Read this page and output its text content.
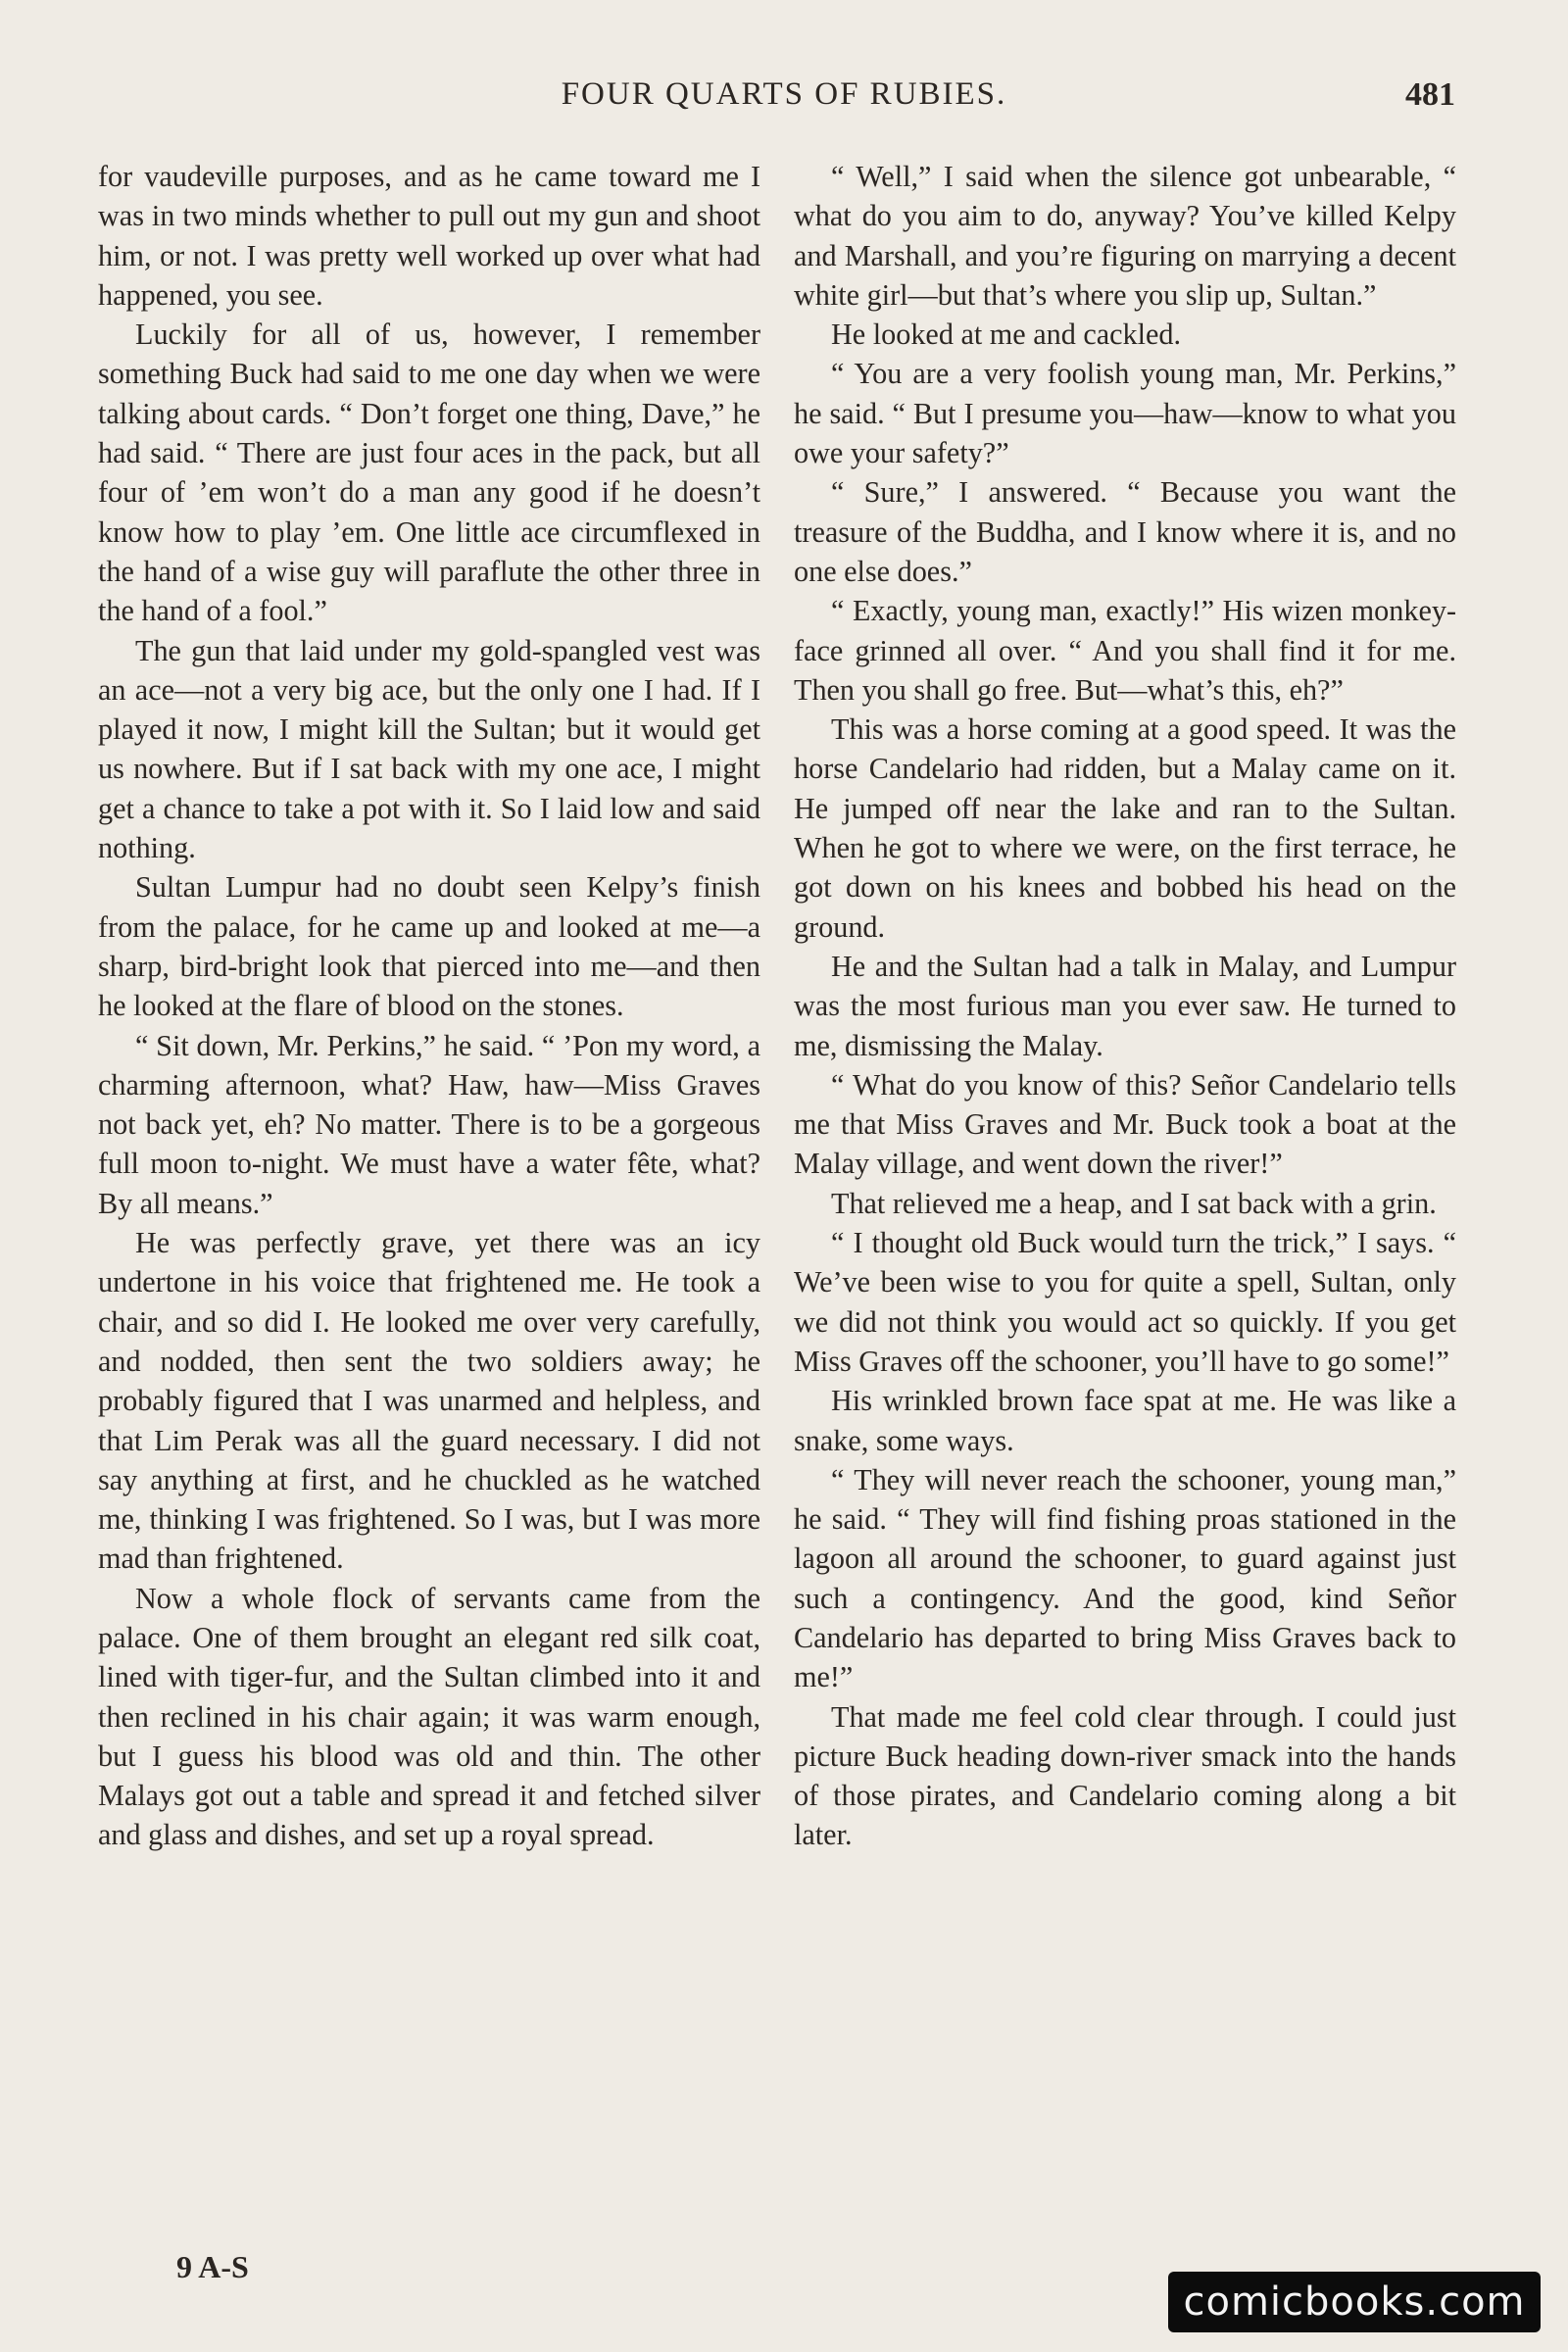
FOUR QUARTS OF RUBIES.	481

for vaudeville purposes, and as he came toward me I was in two minds whether to pull out my gun and shoot him, or not. I was pretty well worked up over what had happened, you see.

Luckily for all of us, however, I remember something Buck had said to me one day when we were talking about cards. “ Don’t forget one thing, Dave,” he had said. “ There are just four aces in the pack, but all four of ’em won’t do a man any good if he doesn’t know how to play ’em. One little ace circumflexed in the hand of a wise guy will paraflute the other three in the hand of a fool.”

The gun that laid under my gold-spangled vest was an ace—not a very big ace, but the only one I had. If I played it now, I might kill the Sultan; but it would get us nowhere. But if I sat back with my one ace, I might get a chance to take a pot with it. So I laid low and said nothing.

Sultan Lumpur had no doubt seen Kelpy’s finish from the palace, for he came up and looked at me—a sharp, bird-bright look that pierced into me—and then he looked at the flare of blood on the stones.

“ Sit down, Mr. Perkins,” he said. “ ’Pon my word, a charming afternoon, what? Haw, haw—Miss Graves not back yet, eh? No matter. There is to be a gorgeous full moon to-night. We must have a water fête, what? By all means.”

He was perfectly grave, yet there was an icy undertone in his voice that frightened me. He took a chair, and so did I. He looked me over very carefully, and nodded, then sent the two soldiers away; he probably figured that I was unarmed and helpless, and that Lim Perak was all the guard necessary. I did not say anything at first, and he chuckled as he watched me, thinking I was frightened. So I was, but I was more mad than frightened.

Now a whole flock of servants came from the palace. One of them brought an elegant red silk coat, lined with tiger-fur, and the Sultan climbed into it and then reclined in his chair again; it was warm enough, but I guess his blood was old and thin. The other Malays got out a table and spread it and fetched silver and glass and dishes, and set up a royal spread.

“ Well,” I said when the silence got unbearable, “ what do you aim to do, anyway? You’ve killed Kelpy and Marshall, and you’re figuring on marrying a decent white girl—but that’s where you slip up, Sultan.”

He looked at me and cackled.

“ You are a very foolish young man, Mr. Perkins,” he said. “ But I presume you—haw—know to what you owe your safety?”

“ Sure,” I answered. “ Because you want the treasure of the Buddha, and I know where it is, and no one else does.”

“ Exactly, young man, exactly!” His wizen monkey-face grinned all over. “ And you shall find it for me. Then you shall go free. But—what’s this, eh?”

This was a horse coming at a good speed. It was the horse Candelario had ridden, but a Malay came on it. He jumped off near the lake and ran to the Sultan. When he got to where we were, on the first terrace, he got down on his knees and bobbed his head on the ground.

He and the Sultan had a talk in Malay, and Lumpur was the most furious man you ever saw. He turned to me, dismissing the Malay.

“ What do you know of this? Señor Candelario tells me that Miss Graves and Mr. Buck took a boat at the Malay village, and went down the river!”

That relieved me a heap, and I sat back with a grin.

“ I thought old Buck would turn the trick,” I says. “ We’ve been wise to you for quite a spell, Sultan, only we did not think you would act so quickly. If you get Miss Graves off the schooner, you’ll have to go some!”

His wrinkled brown face spat at me. He was like a snake, some ways.

“ They will never reach the schooner, young man,” he said. “ They will find fishing proas stationed in the lagoon all around the schooner, to guard against just such a contingency. And the good, kind Señor Candelario has departed to bring Miss Graves back to me!”

That made me feel cold clear through. I could just picture Buck heading down-river smack into the hands of those pirates, and Candelario coming along a bit later.

9 A-S
comicbooks.com
